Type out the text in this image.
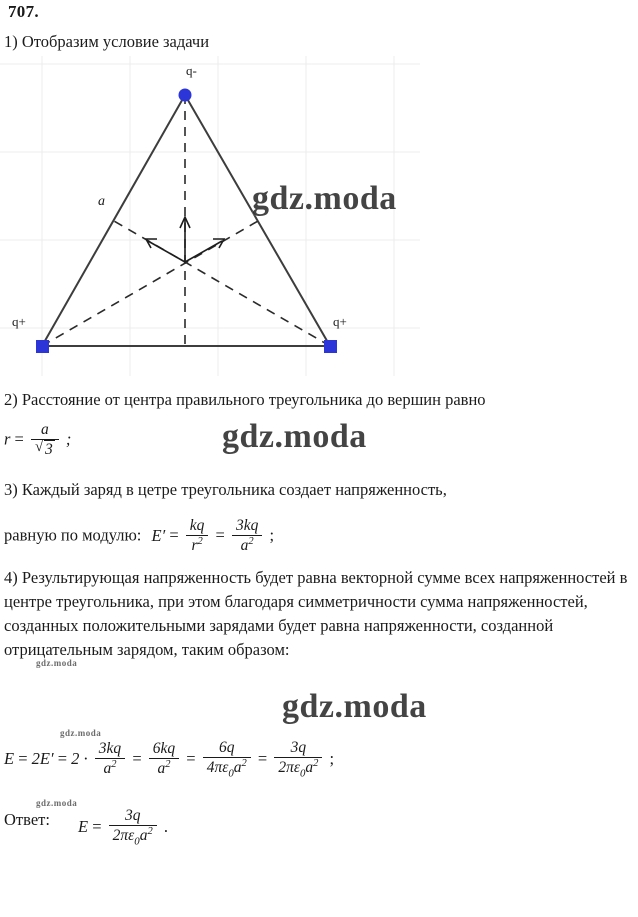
707.
1) Отобразим условие задачи
q-
q+	q+
a	gdz.moda
2) Расстояние от центра правильного треугольника до вершин равно
r = a
√ 3 ;	gdz.moda
3) Каждый заряд в цетре треугольника создает напряженность,
равную по модулю: $E' = \frac{kq}{r^2} = \frac{3kq}{a^2}$ ;
4) Результирующая напряженность будет равна векторной сумме всех напряженностей в центре треугольника, при этом благодаря симметричности сумма напряженностей, созданных положительными зарядами будет равна напряженности, созданной отрицательным зарядом, таким образом:
gdz.moda
gdz.moda
gdz.moda
gdz.moda
$E = 2E' = 2 \cdot \frac{3kq}{a^2} = \frac{6kq}{a^2} = \frac{6q}{4\pi\varepsilon_0a^2} = \frac{3q}{2\pi\varepsilon_0a^2}$ ;
Ответ: $E = \frac{3q}{2\pi\varepsilon_0a^2}$ .
